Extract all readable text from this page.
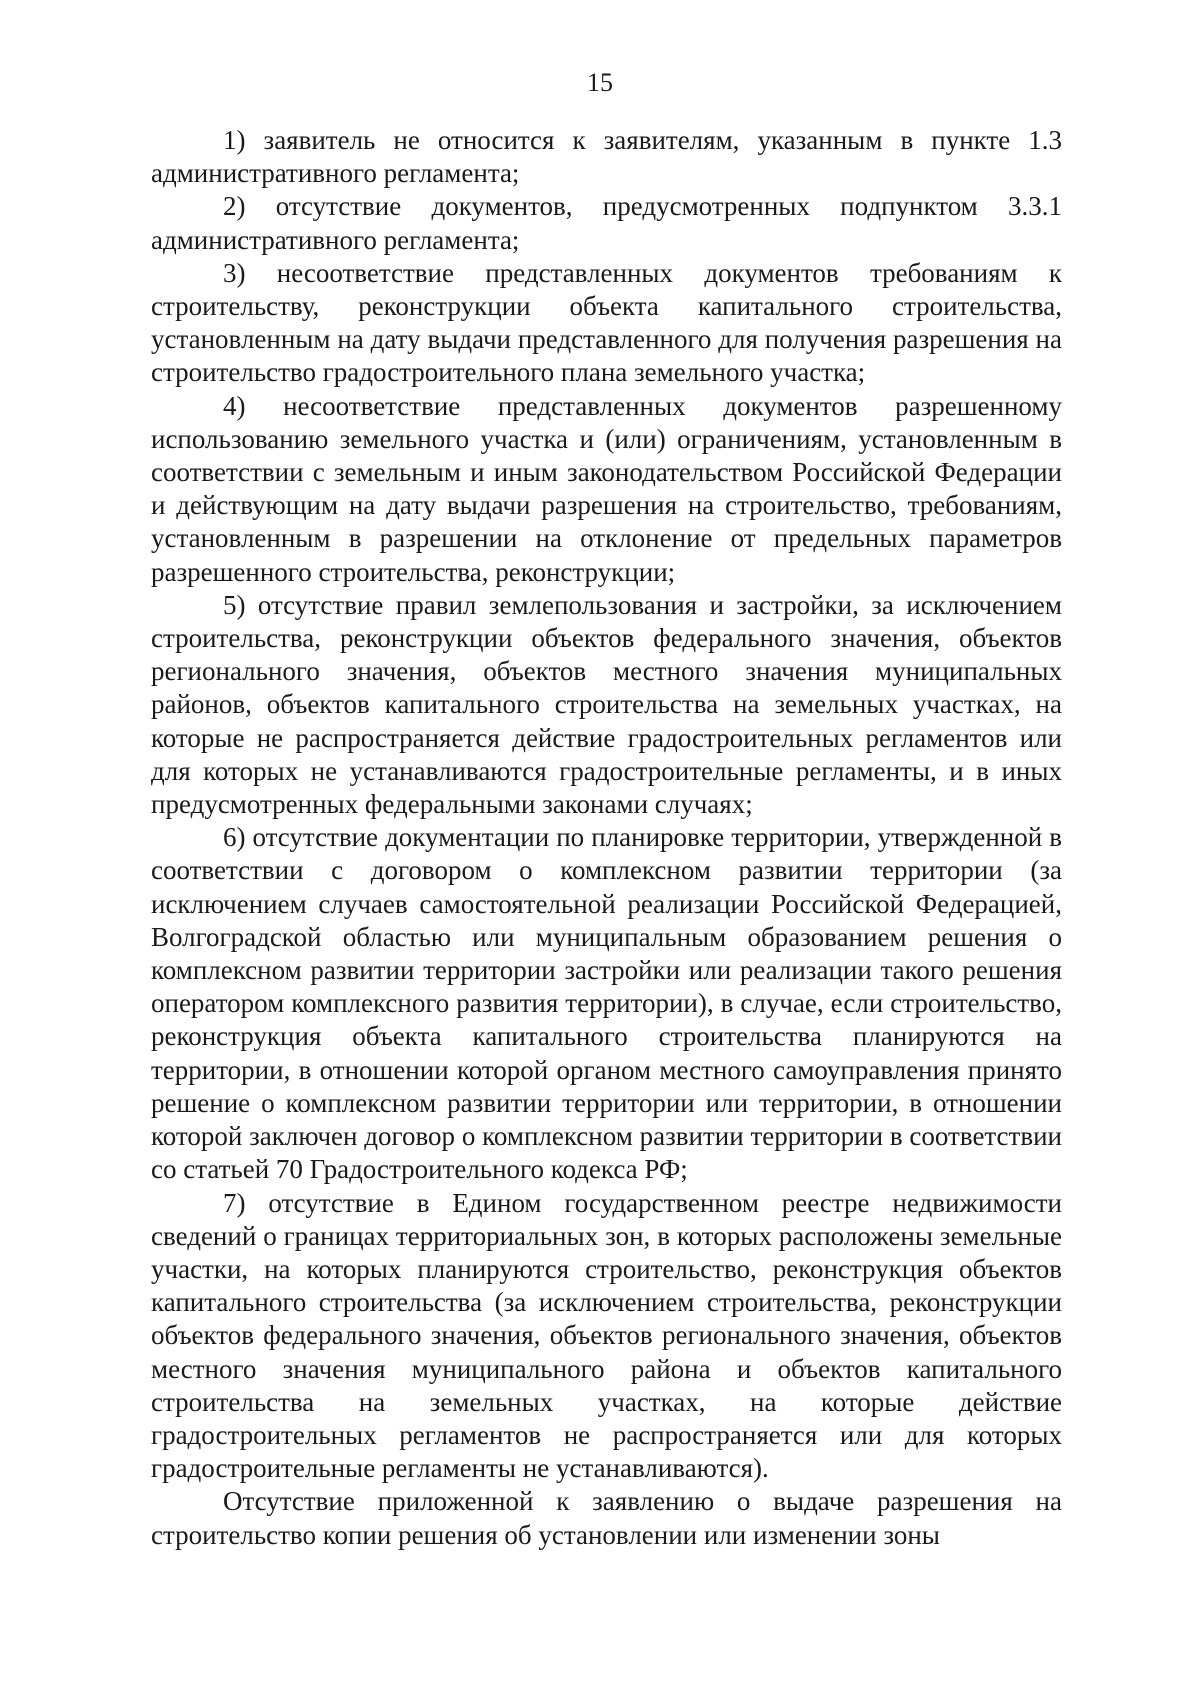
15

1) заявитель не относится к заявителям, указанным в пункте 1.3 административного регламента;

2) отсутствие документов, предусмотренных подпунктом 3.3.1 административного регламента;

3) несоответствие представленных документов требованиям к строительству, реконструкции объекта капитального строительства, установленным на дату выдачи представленного для получения разрешения на строительство градостроительного плана земельного участка;

4) несоответствие представленных документов разрешенному использованию земельного участка и (или) ограничениям, установленным в соответствии с земельным и иным законодательством Российской Федерации и действующим на дату выдачи разрешения на строительство, требованиям, установленным в разрешении на отклонение от предельных параметров разрешенного строительства, реконструкции;

5) отсутствие правил землепользования и застройки, за исключением строительства, реконструкции объектов федерального значения, объектов регионального значения, объектов местного значения муниципальных районов, объектов капитального строительства на земельных участках, на которые не распространяется действие градостроительных регламентов или для которых не устанавливаются градостроительные регламенты, и в иных предусмотренных федеральными законами случаях;

6) отсутствие документации по планировке территории, утвержденной в соответствии с договором о комплексном развитии территории (за исключением случаев самостоятельной реализации Российской Федерацией, Волгоградской областью или муниципальным образованием решения о комплексном развитии территории застройки или реализации такого решения оператором комплексного развития территории), в случае, если строительство, реконструкция объекта капитального строительства планируются на территории, в отношении которой органом местного самоуправления принято решение о комплексном развитии территории или территории, в отношении которой заключен договор о комплексном развитии территории в соответствии со статьей 70 Градостроительного кодекса РФ;

7) отсутствие в Едином государственном реестре недвижимости сведений о границах территориальных зон, в которых расположены земельные участки, на которых планируются строительство, реконструкция объектов капитального строительства (за исключением строительства, реконструкции объектов федерального значения, объектов регионального значения, объектов местного значения муниципального района и объектов капитального строительства на земельных участках, на которые действие градостроительных регламентов не распространяется или для которых градостроительные регламенты не устанавливаются).

Отсутствие приложенной к заявлению о выдаче разрешения на строительство копии решения об установлении или изменении зоны
